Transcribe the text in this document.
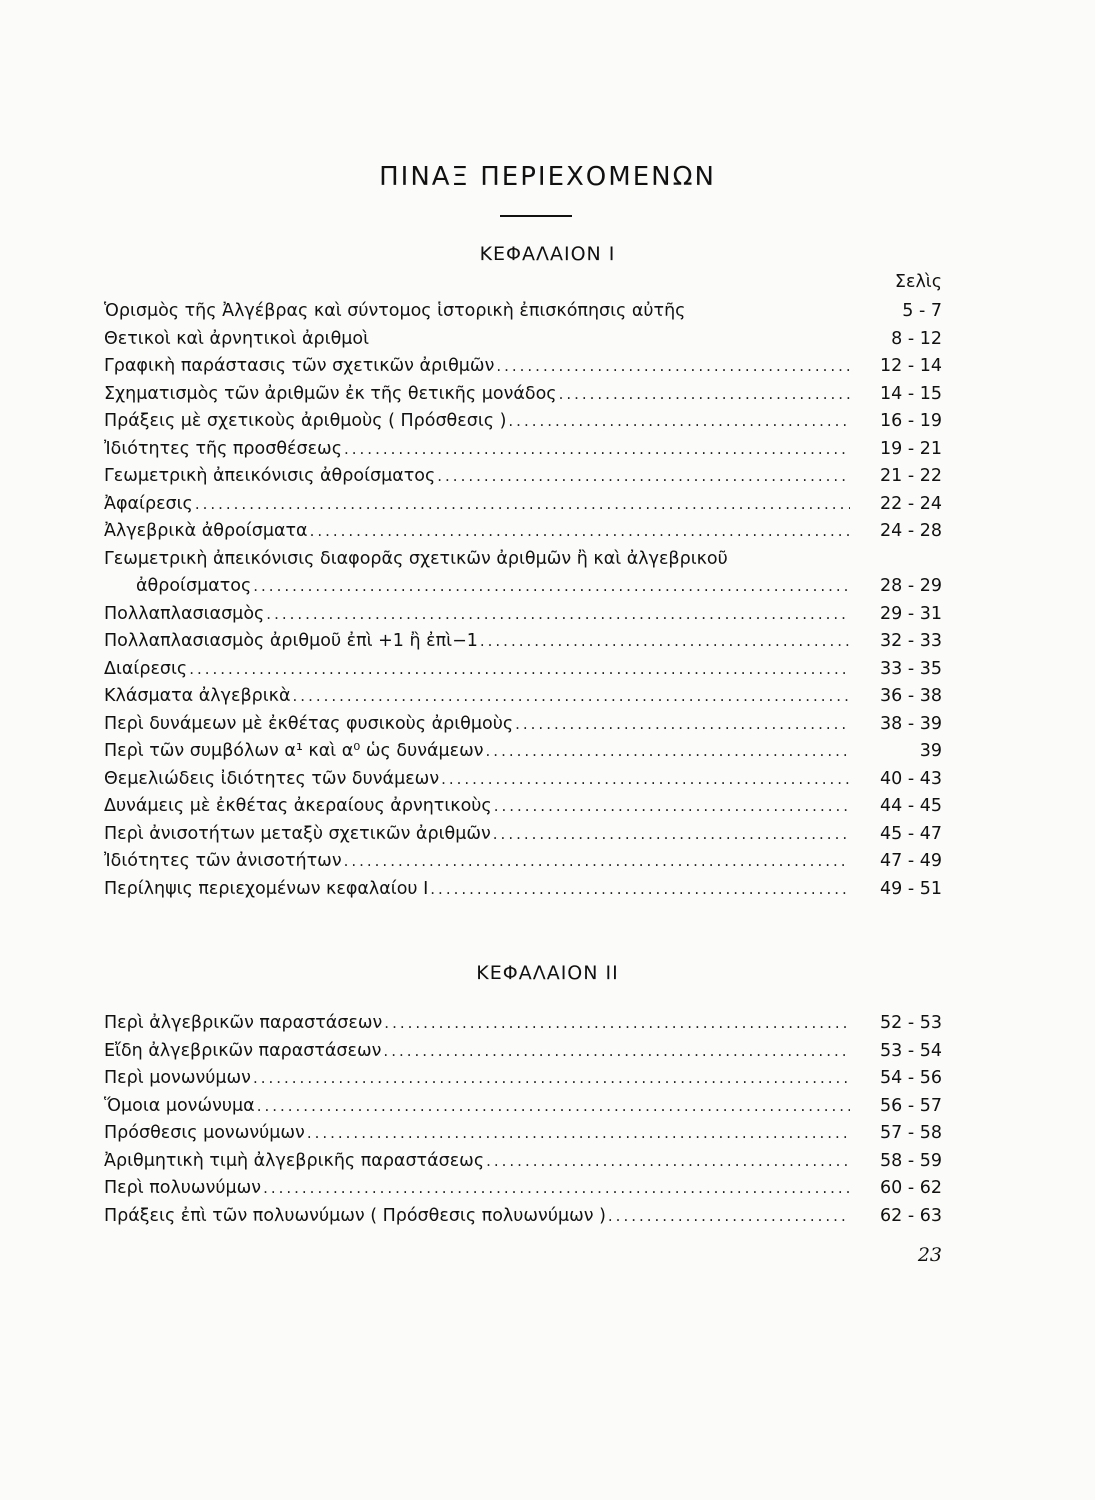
ΠΙΝΑΞ ΠΕΡΙΕΧΟΜΕΝΩΝ
ΚΕΦΑΛΑΙΟΝ Ι
Σελὶς
Ὁρισμὸς τῆς Ἀλγέβρας καὶ σύντομος ἱστορικὴ ἐπισκόπησις αὐτῆς	5 - 7
Θετικοὶ καὶ ἀρνητικοὶ ἀριθμοὶ	8 - 12
Γραφικὴ παράστασις τῶν σχετικῶν ἀριθμῶν .....	12 - 14
Σχηματισμὸς τῶν ἀριθμῶν ἐκ τῆς θετικῆς μονάδος .....	14 - 15
Πράξεις μὲ σχετικοὺς ἀριθμοὺς ( Πρόσθεσις ) .....	16 - 19
Ἰδιότητες τῆς προσθέσεως .....	19 - 21
Γεωμετρικὴ ἀπεικόνισις ἀθροίσματος .....	21 - 22
Ἀφαίρεσις .....	22 - 24
Ἀλγεβρικὰ ἀθροίσματα .....	24 - 28
Γεωμετρικὴ ἀπεικόνισις διαφορᾶς σχετικῶν ἀριθμῶν ἢ καὶ ἀλγεβρικοῦ
ἀθροίσματος .....	28 - 29
Πολλαπλασιασμὸς .....	29 - 31
Πολλαπλασιασμὸς ἀριθμοῦ ἐπὶ +1 ἢ ἐπὶ−1 .....	32 - 33
Διαίρεσις .....	33 - 35
Κλάσματα ἀλγεβρικὰ .....	36 - 38
Περὶ δυνάμεων μὲ ἐκθέτας φυσικοὺς ἀριθμοὺς .....	38 - 39
Περὶ τῶν συμβόλων α¹ καὶ α⁰ ὡς δυνάμεων .....	39
Θεμελιώδεις ἰδιότητες τῶν δυνάμεων .....	40 - 43
Δυνάμεις μὲ ἐκθέτας ἀκεραίους ἀρνητικοὺς .....	44 - 45
Περὶ ἀνισοτήτων μεταξὺ σχετικῶν ἀριθμῶν .....	45 - 47
Ἰδιότητες τῶν ἀνισοτήτων .....	47 - 49
Περίληψις περιεχομένων κεφαλαίου Ι .....	49 - 51
ΚΕΦΑΛΑΙΟΝ ΙΙ
Περὶ ἀλγεβρικῶν παραστάσεων .....	52 - 53
Εἴδη ἀλγεβρικῶν παραστάσεων .....	53 - 54
Περὶ μονωνύμων .....	54 - 56
Ὅμοια μονώνυμα .....	56 - 57
Πρόσθεσις μονωνύμων .....	57 - 58
Ἀριθμητικὴ τιμὴ ἀλγεβρικῆς παραστάσεως .....	58 - 59
Περὶ πολυωνύμων .....	60 - 62
Πράξεις ἐπὶ τῶν πολυωνύμων ( Πρόσθεσις πολυωνύμων ) .....	62 - 63
23
